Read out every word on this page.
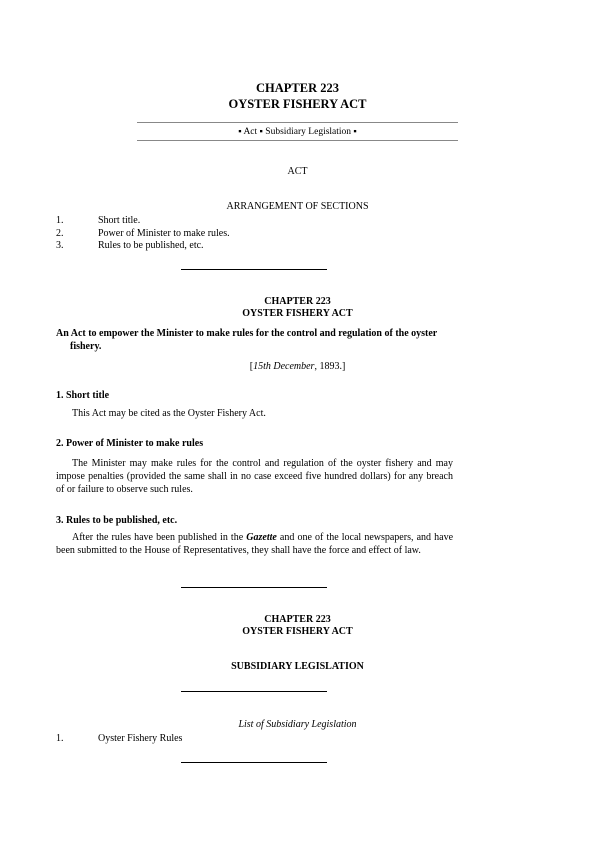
CHAPTER 223
OYSTER FISHERY ACT
▪ Act ▪ Subsidiary Legislation ▪
ACT
ARRANGEMENT OF SECTIONS
1.	Short title.
2.	Power of Minister to make rules.
3.	Rules to be published, etc.
CHAPTER 223
OYSTER FISHERY ACT
An Act to empower the Minister to make rules for the control and regulation of the oyster fishery.
[15th December, 1893.]
1. Short title
This Act may be cited as the Oyster Fishery Act.
2. Power of Minister to make rules
The Minister may make rules for the control and regulation of the oyster fishery and may impose penalties (provided the same shall in no case exceed five hundred dollars) for any breach of or failure to observe such rules.
3. Rules to be published, etc.
After the rules have been published in the Gazette and one of the local newspapers, and have been submitted to the House of Representatives, they shall have the force and effect of law.
CHAPTER 223
OYSTER FISHERY ACT
SUBSIDIARY LEGISLATION
List of Subsidiary Legislation
1.	Oyster Fishery Rules
